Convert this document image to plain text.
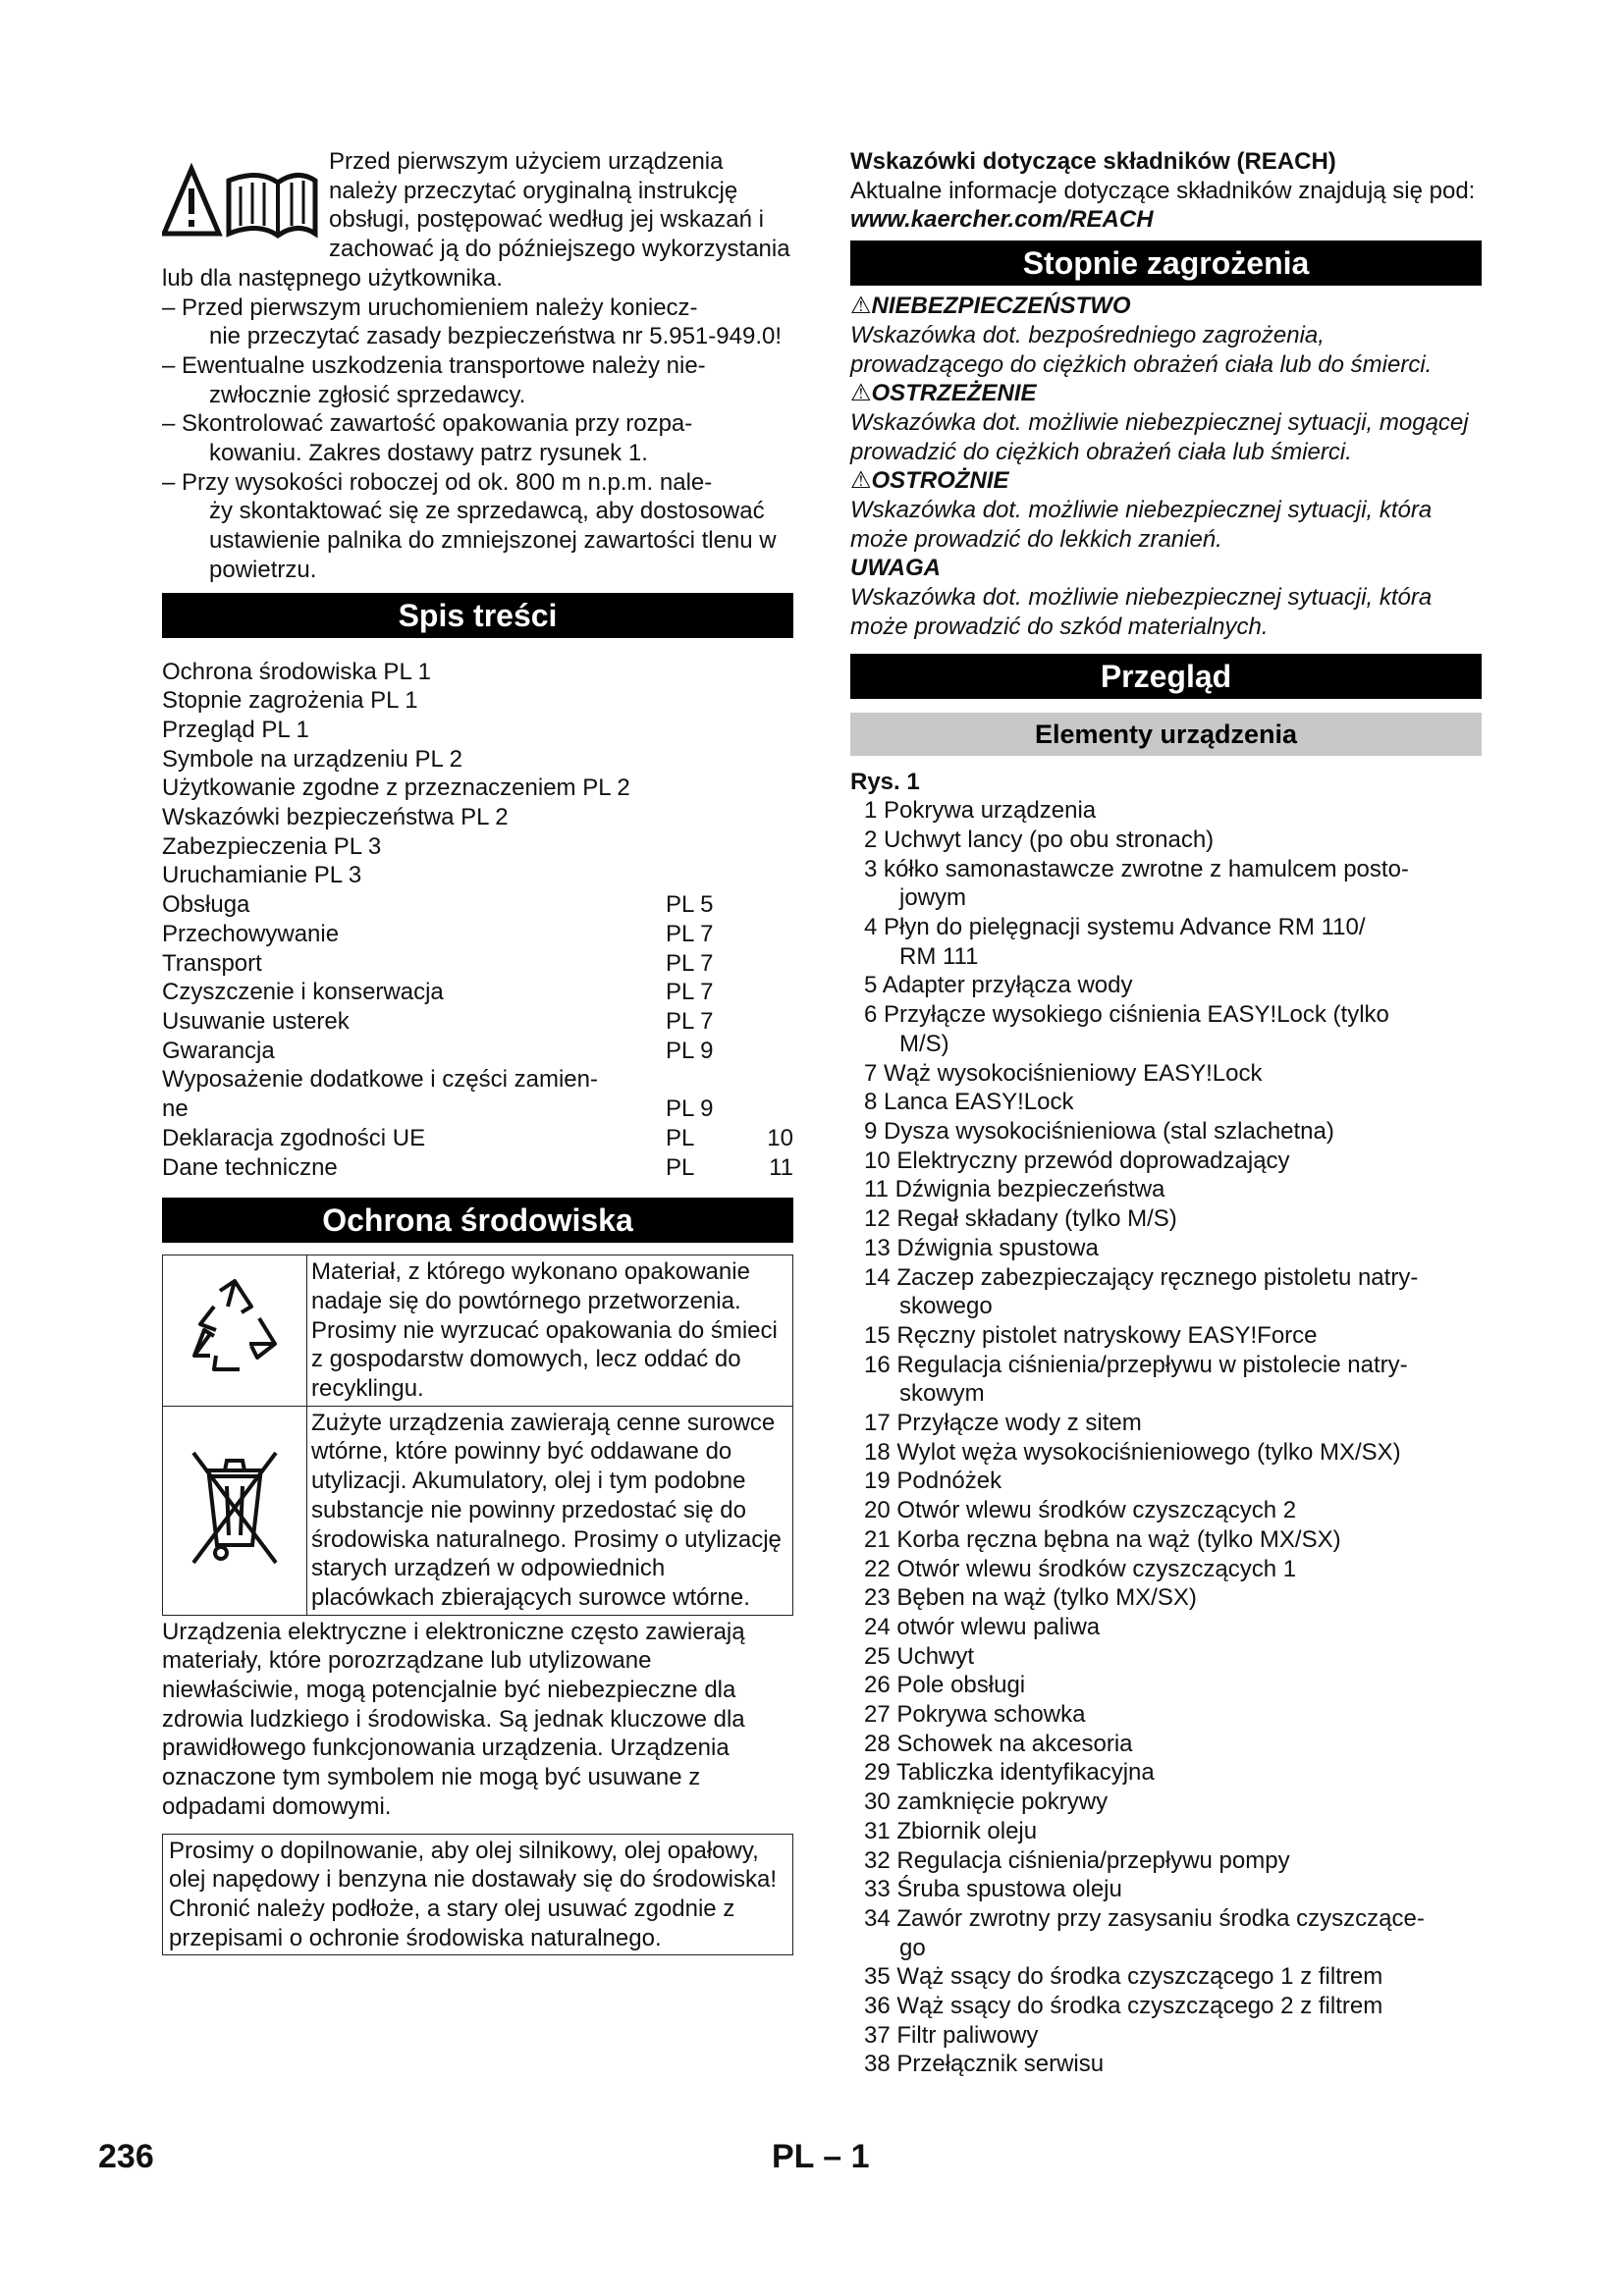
Przed pierwszym użyciem urządzenia należy przeczytać oryginalną instrukcję obsługi, postępować według jej wskazań i zachować ją do późniejszego wykorzystania lub dla następnego użytkownika.

– Przed pierwszym uruchomieniem należy koniecz-
nie przeczytać zasady bezpieczeństwa nr 5.951-949.0!

– Ewentualne uszkodzenia transportowe należy nie-
zwłocznie zgłosić sprzedawcy.

– Skontrolować zawartość opakowania przy rozpa-
kowaniu. Zakres dostawy patrz rysunek 1.

– Przy wysokości roboczej od ok. 800 m n.p.m. nale-
ży skontaktować się ze sprzedawcą, aby dostosować ustawienie palnika do zmniejszonej zawartości tlenu w powietrzu.

Spis treści
Ochrona środowiska PL 1
Stopnie zagrożenia PL 1
Przegląd PL 1
Symbole na urządzeniu PL 2
Użytkowanie zgodne z przeznaczeniem PL 2
Wskazówki bezpieczeństwa PL 2
Zabezpieczenia PL 3
Uruchamianie PL 3
Obsługa	PL 5
Przechowywanie	PL 7
Transport	PL 7
Czyszczenie i konserwacja	PL 7
Usuwanie usterek	PL 7
Gwarancja	PL 9
Wyposażenie dodatkowe i części zamien-
ne	PL 9
Deklaracja zgodności UE	PL	10
Dane techniczne	PL	11
Ochrona środowiska
	Materiał, z którego wykonano opakowanie nadaje się do powtórnego przetworzenia. Prosimy nie wyrzucać opakowania do śmieci z gospodarstw domowych, lecz oddać do recyklingu.
	Zużyte urządzenia zawierają cenne surowce wtórne, które powinny być oddawane do utylizacji. Akumulatory, olej i tym podobne substancje nie powinny przedostać się do środowiska naturalnego. Prosimy o utylizację starych urządzeń w odpowiednich placówkach zbierających surowce wtórne.

Urządzenia elektryczne i elektroniczne często zawierają materiały, które porozrządzane lub utylizowane niewłaściwie, mogą potencjalnie być niebezpieczne dla zdrowia ludzkiego i środowiska. Są jednak kluczowe dla prawidłowego funkcjonowania urządzenia. Urządzenia oznaczone tym symbolem nie mogą być usuwane z odpadami domowymi.

Prosimy o dopilnowanie, aby olej silnikowy, olej opałowy, olej napędowy i benzyna nie dostawały się do środowiska! Chronić należy podłoże, a stary olej usuwać zgodnie z przepisami o ochronie środowiska naturalnego.

Wskazówki dotyczące składników (REACH)

Aktualne informacje dotyczące składników znajdują się pod:

www.kaercher.com/REACH

Stopnie zagrożenia

⚠NIEBEZPIECZEŃSTWO

Wskazówka dot. bezpośredniego zagrożenia, prowadzącego do ciężkich obrażeń ciała lub do śmierci.

⚠OSTRZEŻENIE

Wskazówka dot. możliwie niebezpiecznej sytuacji, mogącej prowadzić do ciężkich obrażeń ciała lub śmierci.

⚠OSTROŻNIE

Wskazówka dot. możliwie niebezpiecznej sytuacji, która może prowadzić do lekkich zranień.

UWAGA

Wskazówka dot. możliwie niebezpiecznej sytuacji, która może prowadzić do szkód materialnych.

Przegląd
Elementy urządzenia

Rys. 1

1 Pokrywa urządzenia

2 Uchwyt lancy (po obu stronach)

3 kółko samonastawcze zwrotne z hamulcem posto-
jowym

4 Płyn do pielęgnacji systemu Advance RM 110/
RM 111

5 Adapter przyłącza wody

6 Przyłącze wysokiego ciśnienia EASY!Lock (tylko
M/S)

7 Wąż wysokociśnieniowy EASY!Lock

8 Lanca EASY!Lock

9 Dysza wysokociśnieniowa (stal szlachetna)

10 Elektryczny przewód doprowadzający

11 Dźwignia bezpieczeństwa

12 Regał składany (tylko M/S)

13 Dźwignia spustowa

14 Zaczep zabezpieczający ręcznego pistoletu natry-
skowego

15 Ręczny pistolet natryskowy EASY!Force

16 Regulacja ciśnienia/przepływu w pistolecie natry-
skowym

17 Przyłącze wody z sitem

18 Wylot węża wysokociśnieniowego (tylko MX/SX)

19 Podnóżek

20 Otwór wlewu środków czyszczących 2

21 Korba ręczna bębna na wąż (tylko MX/SX)

22 Otwór wlewu środków czyszczących 1

23 Bęben na wąż (tylko MX/SX)

24 otwór wlewu paliwa

25 Uchwyt

26 Pole obsługi

27 Pokrywa schowka

28 Schowek na akcesoria

29 Tabliczka identyfikacyjna

30 zamknięcie pokrywy

31 Zbiornik oleju

32 Regulacja ciśnienia/przepływu pompy

33 Śruba spustowa oleju

34 Zawór zwrotny przy zasysaniu środka czyszczące-
go

35 Wąż ssący do środka czyszczącego 1 z filtrem

36 Wąż ssący do środka czyszczącego 2 z filtrem

37 Filtr paliwowy

38 Przełącznik serwisu

236	PL – 1
